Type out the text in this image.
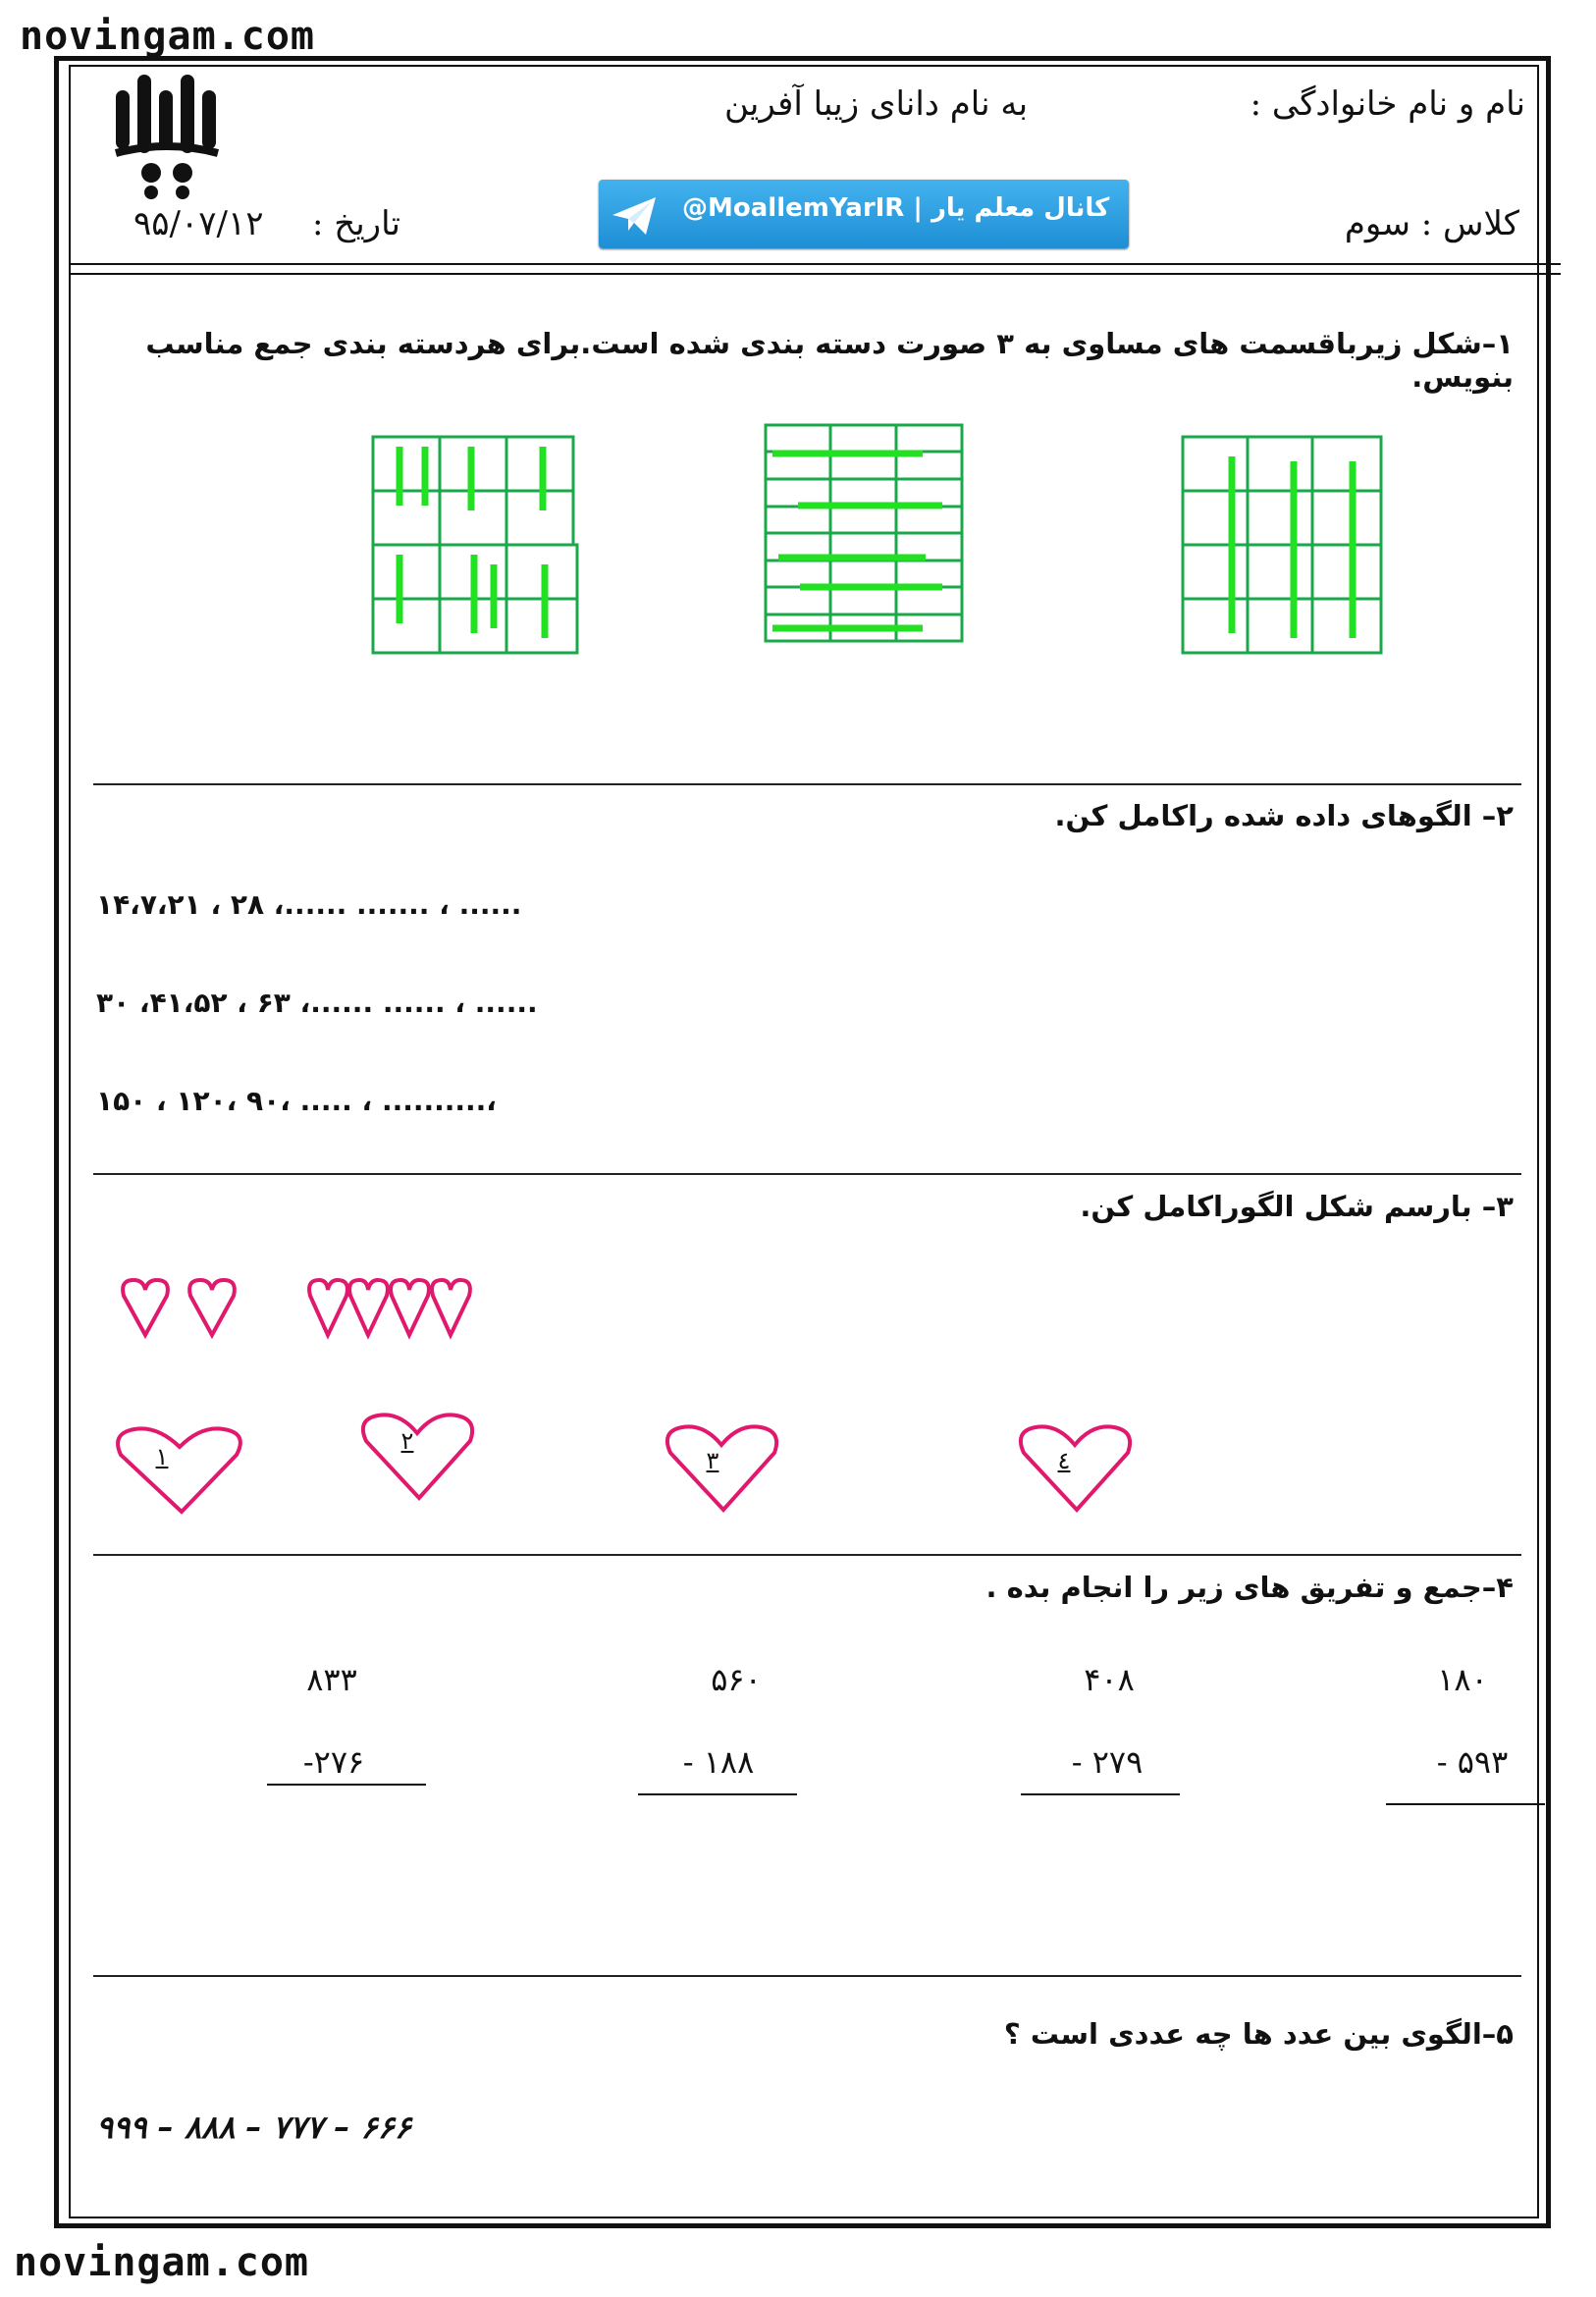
novingam.com
novingam.com
نام و نام خانوادگی :
به نام دانای زیبا آفرین
کلاس : سوم
تاریخ :
۹۵/۰۷/۱۲	@MoallemYarIR | کانال معلم یار
۱–شکل زیرباقسمت های مساوی به ۳ صورت دسته بندی شده است.برای هردسته بندی جمع مناسب بنویس.
۲– الگوهای داده شده راکامل کن.
۱۴،۷،۲۱ ، ۲۸ ،...... ....... ، ......
۳۰ ،۴۱،۵۲ ، ۶۳ ،...... ...... ، ......
۱۵۰ ، ۱۲۰، ۹۰، ..... ، ..........،
۳– بارسم شکل الگوراکامل کن.
۱
۲
۳	٤
۴–جمع و تفریق های زیر را انجام بده .
۱۸۰
- ۵۹۳
۴۰۸
- ۲۷۹
۵۶۰
- ۱۸۸
۸۳۳
-۲۷۶
۵–الگوی بین عدد ها چه عددی است ؟
۹۹۹ – ۸۸۸ – ۷۷۷ – ۶۶۶
